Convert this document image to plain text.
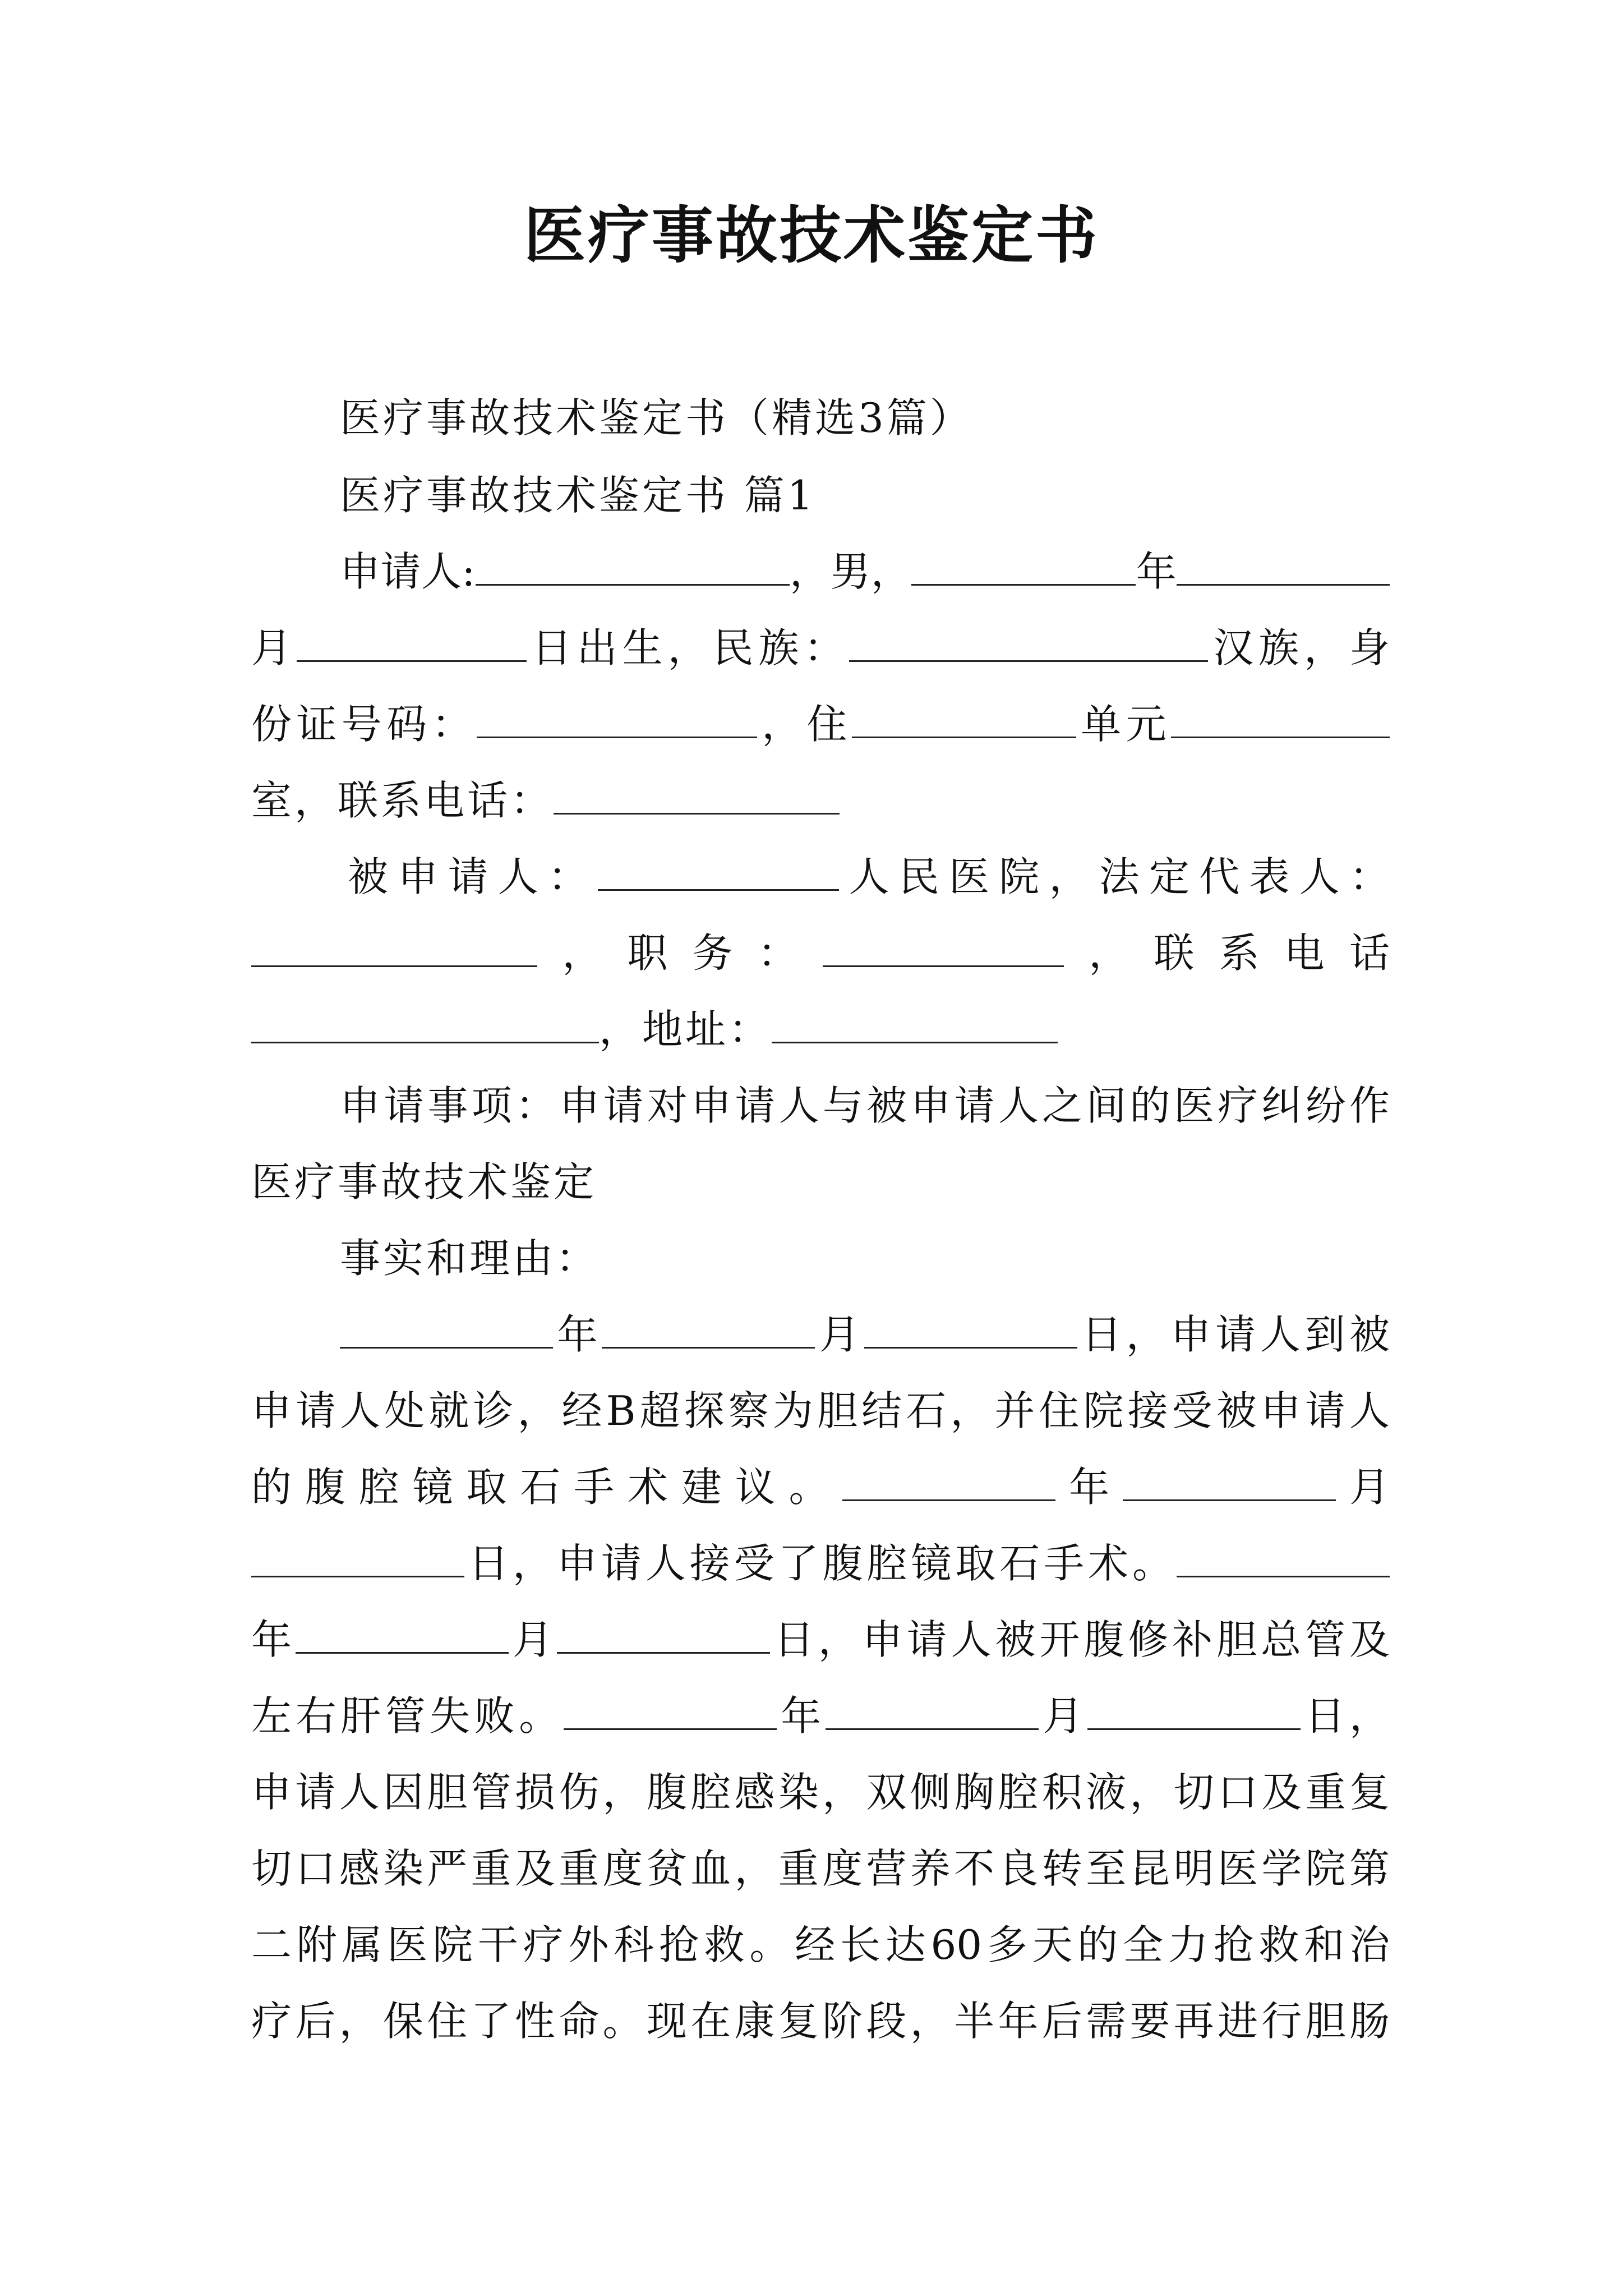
医疗事故技术鉴定书
医疗事故技术鉴定书（精选3篇）
医疗事故技术鉴定书 篇1
申请人:	，男，	年
月	日出生，民族：	汉族，身
份证号码：	，住	单元
室，联系电话：
被申请人：	人民医院，法定代表人：
，职务：	，联系电话
，地址：
申请事项：申请对申请人与被申请人之间的医疗纠纷作
医疗事故技术鉴定
事实和理由：
年	月	日，申请人到被
申请人处就诊，经B超探察为胆结石，并住院接受被申请人
的腹腔镜取石手术建议。	年	月
日，申请人接受了腹腔镜取石手术。
年	月	日，申请人被开腹修补胆总管及
左右肝管失败。	年	月	日，
申请人因胆管损伤，腹腔感染，双侧胸腔积液，切口及重复
切口感染严重及重度贫血，重度营养不良转至昆明医学院第
二附属医院干疗外科抢救。经长达60多天的全力抢救和治
疗后，保住了性命。现在康复阶段，半年后需要再进行胆肠
